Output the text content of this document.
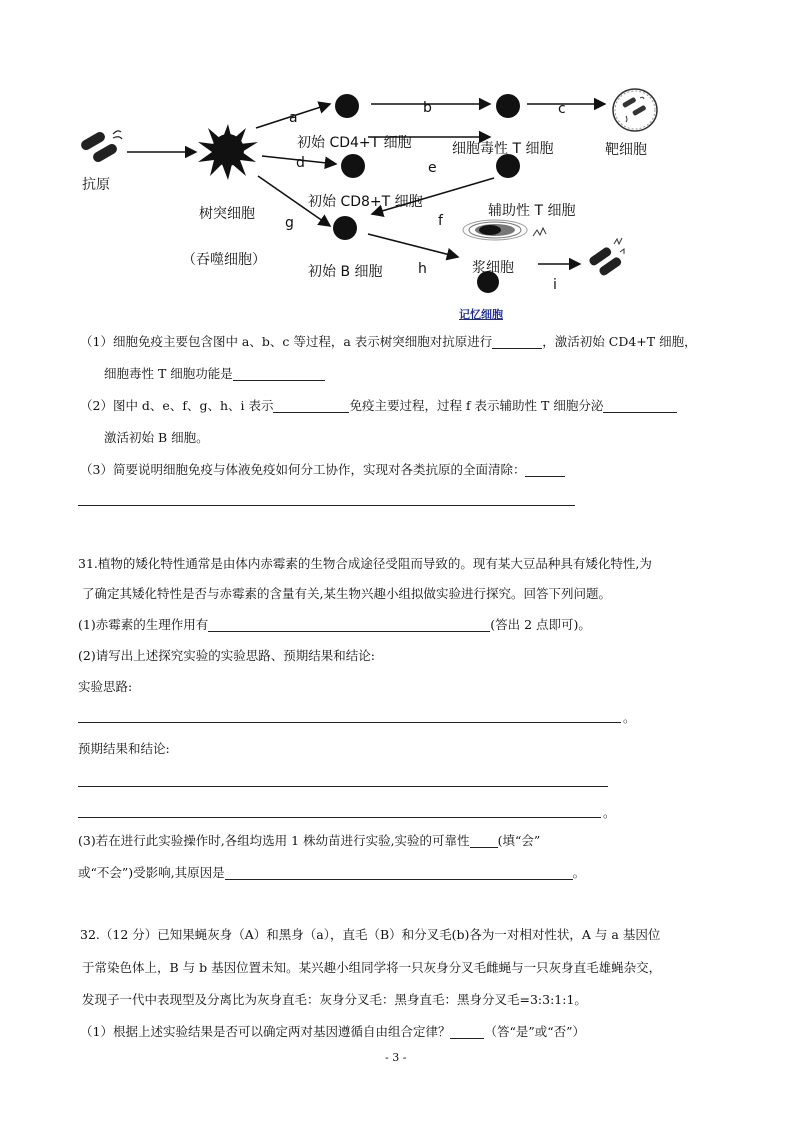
抗原
树突细胞
（吞噬细胞）
初始 CD4+T 细胞	细胞毒性 T 细胞	靶细胞
初始 CD8+T 细胞
辅助性 T 细胞
初始 B 细胞	浆细胞
记忆细胞
a
b	c
d	e
f
g
h
i
（1）细胞免疫主要包含图中 a、b、c 等过程，a 表示树突细胞对抗原进行	，激活初始 CD4+T 细胞，
细胞毒性 T 细胞功能是
（2）图中 d、e、f、g、h、i 表示	免疫主要过程，过程 f 表示辅助性 T 细胞分泌
激活初始 B 细胞。
（3）简要说明细胞免疫与体液免疫如何分工协作，实现对各类抗原的全面清除：
31.植物的矮化特性通常是由体内赤霉素的生物合成途径受阻而导致的。现有某大豆品种具有矮化特性,为
了确定其矮化特性是否与赤霉素的含量有关,某生物兴趣小组拟做实验进行探究。回答下列问题。
(1)赤霉素的生理作用有	(答出 2 点即可)。
(2)请写出上述探究实验的实验思路、预期结果和结论:
实验思路:
。
预期结果和结论:
。
(3)若在进行此实验操作时,各组均选用 1 株幼苗进行实验,实验的可靠性 (填“会”
或“不会”)受影响,其原因是	。
32.（12 分）已知果蝇灰身（A）和黑身（a），直毛（B）和分叉毛(b)各为一对相对性状，A 与 a 基因位
于常染色体上，B 与 b 基因位置未知。某兴趣小组同学将一只灰身分叉毛雌蝇与一只灰身直毛雄蝇杂交，
发现子一代中表现型及分离比为灰身直毛：灰身分叉毛：黑身直毛：黑身分叉毛=3:3:1:1。
（1）根据上述实验结果是否可以确定两对基因遵循自由组合定律？	（答“是”或“否”）
- 3 -
